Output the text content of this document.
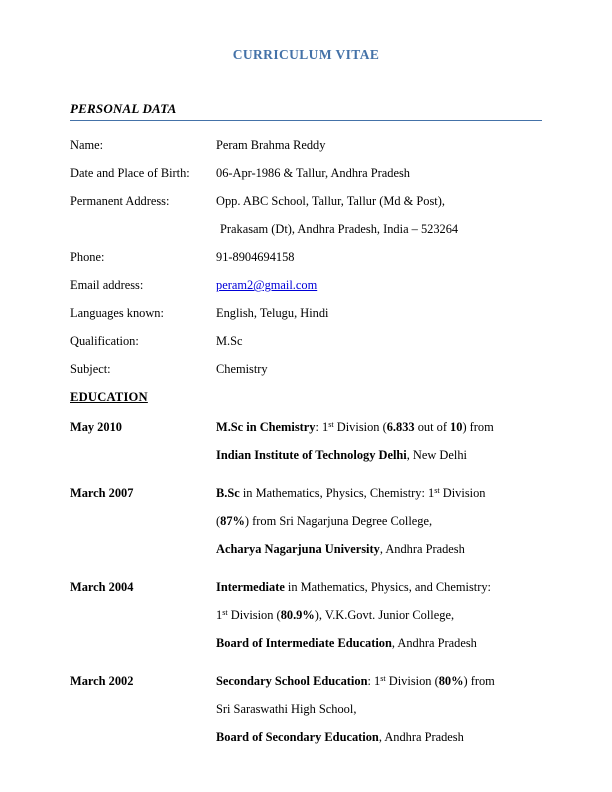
CURRICULUM VITAE
PERSONAL DATA
Name:	Peram Brahma Reddy
Date and Place of Birth: 06-Apr-1986 & Tallur, Andhra Pradesh
Permanent Address:	Opp. ABC School, Tallur, Tallur (Md & Post),
Prakasam (Dt), Andhra Pradesh, India – 523264
Phone:	91-8904694158
Email address:	peram2@gmail.com
Languages known:	English, Telugu, Hindi
Qualification:	M.Sc
Subject:	Chemistry
EDUCATION
May 2010	M.Sc in Chemistry: 1st Division (6.833 out of 10) from
Indian Institute of Technology Delhi, New Delhi
March 2007	B.Sc in Mathematics, Physics, Chemistry: 1st Division
(87%) from Sri Nagarjuna Degree College,
Acharya Nagarjuna University, Andhra Pradesh
March 2004	Intermediate in Mathematics, Physics, and Chemistry:
1st Division (80.9%), V.K.Govt. Junior College,
Board of Intermediate Education, Andhra Pradesh
March 2002	Secondary School Education: 1st Division (80%) from
Sri Saraswathi High School,
Board of Secondary Education, Andhra Pradesh
